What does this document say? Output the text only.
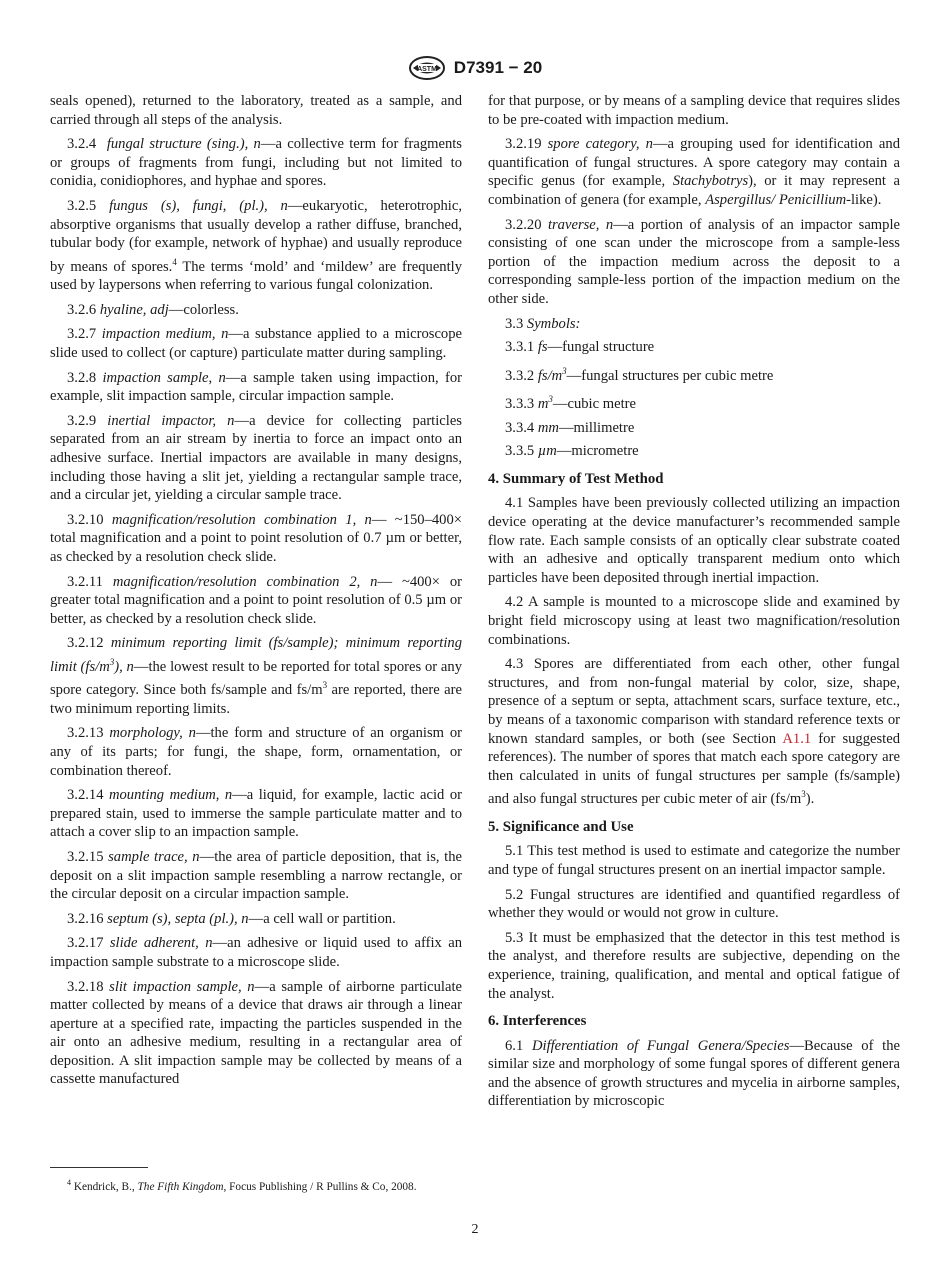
ASTM D7391 − 20

seals opened), returned to the laboratory, treated as a sample, and carried through all steps of the analysis.

3.2.4 fungal structure (sing.), n—a collective term for fragments or groups of fragments from fungi, including but not limited to conidia, conidiophores, and hyphae and spores.

3.2.5 fungus (s), fungi, (pl.), n—eukaryotic, heterotrophic, absorptive organisms that usually develop a rather diffuse, branched, tubular body (for example, network of hyphae) and usually reproduce by means of spores.$^4$ The terms ‘mold’ and ‘mildew’ are frequently used by laypersons when referring to various fungal colonization.

3.2.6 hyaline, adj—colorless.

3.2.7 impaction medium, n—a substance applied to a microscope slide used to collect (or capture) particulate matter during sampling.

3.2.8 impaction sample, n—a sample taken using impaction, for example, slit impaction sample, circular impaction sample.

3.2.9 inertial impactor, n—a device for collecting particles separated from an air stream by inertia to force an impact onto an adhesive surface. Inertial impactors are available in many designs, including those having a slit jet, yielding a rectangular sample trace, and a circular jet, yielding a circular sample trace.

3.2.10 magnification/resolution combination 1, n— ~150–400× total magnification and a point to point resolution of 0.7 µm or better, as checked by a resolution check slide.

3.2.11 magnification/resolution combination 2, n— ~400× or greater total magnification and a point to point resolution of 0.5 µm or better, as checked by a resolution check slide.

3.2.12 minimum reporting limit (fs/sample); minimum reporting limit $(fs/m^3)$, n—the lowest result to be reported for total spores or any spore category. Since both fs/sample and $fs/m^3$ are reported, there are two minimum reporting limits.

3.2.13 morphology, n—the form and structure of an organism or any of its parts; for fungi, the shape, form, ornamentation, or combination thereof.

3.2.14 mounting medium, n—a liquid, for example, lactic acid or prepared stain, used to immerse the sample particulate matter and to attach a cover slip to an impaction sample.

3.2.15 sample trace, n—the area of particle deposition, that is, the deposit on a slit impaction sample resembling a narrow rectangle, or the circular deposit on a circular impaction sample.

3.2.16 septum (s), septa (pl.), n—a cell wall or partition.

3.2.17 slide adherent, n—an adhesive or liquid used to affix an impaction sample substrate to a microscope slide.

3.2.18 slit impaction sample, n—a sample of airborne particulate matter collected by means of a device that draws air through a linear aperture at a specified rate, impacting the particles suspended in the air onto an adhesive medium, resulting in a rectangular area of deposition. A slit impaction sample may be collected by means of a cassette manufactured

$^4$ Kendrick, B., The Fifth Kingdom, Focus Publishing / R Pullins & Co, 2008.

for that purpose, or by means of a sampling device that requires slides to be pre-coated with impaction medium.

3.2.19 spore category, n—a grouping used for identification and quantification of fungal structures. A spore category may contain a specific genus (for example, Stachybotrys), or it may represent a combination of genera (for example, Aspergillus/ Penicillium-like).

3.2.20 traverse, n—a portion of analysis of an impactor sample consisting of one scan under the microscope from a sample-less portion of the impaction medium across the deposit to a corresponding sample-less portion of the impaction medium on the other side.

3.3 Symbols:

3.3.1 fs—fungal structure

3.3.2 $fs/m^3—fungal$ structures per cubic metre

3.3.3 $m^3—cubic$ metre

3.3.4 mm—millimetre

3.3.5 µm—micrometre

4. Summary of Test Method

4.1 Samples have been previously collected utilizing an impaction device operating at the device manufacturer’s recommended sample flow rate. Each sample consists of an optically clear substrate coated with an adhesive and optically transparent medium onto which particles have been deposited through inertial impaction.

4.2 A sample is mounted to a microscope slide and examined by bright field microscopy using at least two magnification/resolution combinations.

4.3 Spores are differentiated from each other, other fungal structures, and from non-fungal material by color, size, shape, presence of a septum or septa, attachment scars, surface texture, etc., by means of a taxonomic comparison with standard reference texts or known standard samples, or both (see Section A1.1 for suggested references). The number of spores that match each spore category are then calculated in units of fungal structures per sample (fs/sample) and also fungal structures per cubic meter of air $(fs/m^3)$.

5. Significance and Use

5.1 This test method is used to estimate and categorize the number and type of fungal structures present on an inertial impactor sample.

5.2 Fungal structures are identified and quantified regardless of whether they would or would not grow in culture.

5.3 It must be emphasized that the detector in this test method is the analyst, and therefore results are subjective, depending on the experience, training, qualification, and mental and optical fatigue of the analyst.

6. Interferences

6.1 Differentiation of Fungal Genera/Species—Because of the similar size and morphology of some fungal spores of different genera and the absence of growth structures and mycelia in airborne samples, differentiation by microscopic

2
